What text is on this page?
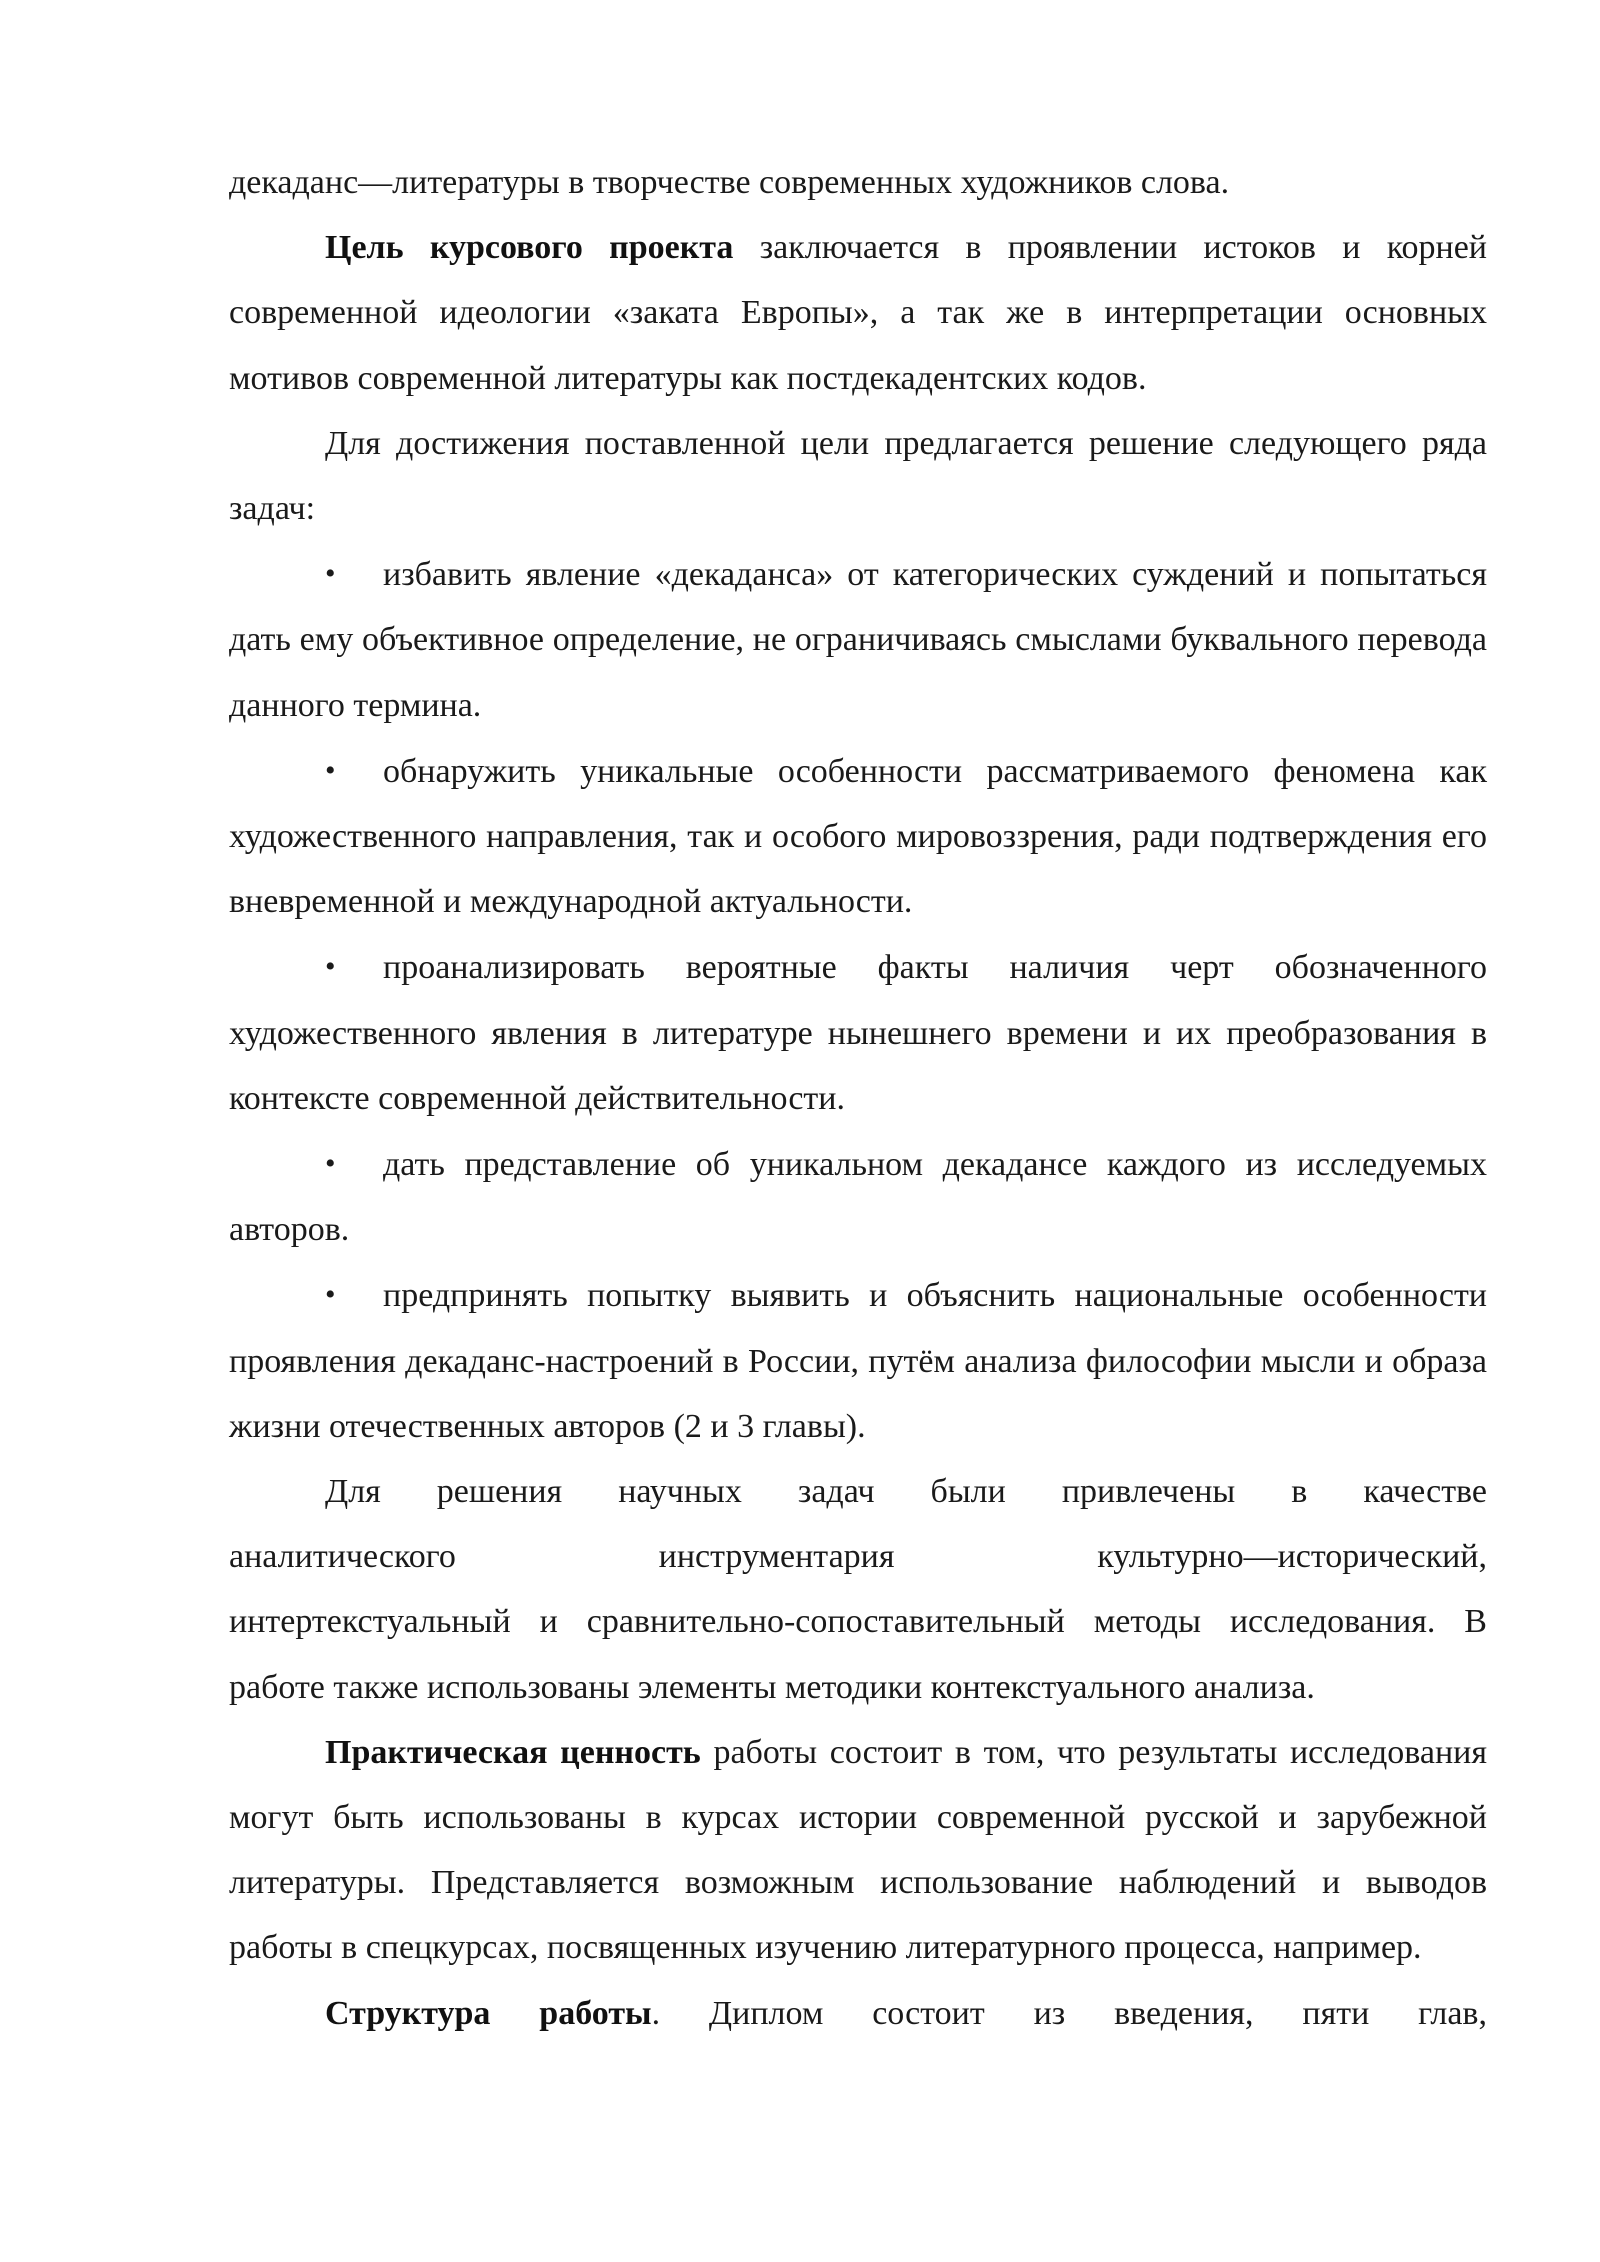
декаданс—литературы в творчестве современных художников слова.

Цель курсового проекта заключается в проявлении истоков и корней современной идеологии «заката Европы», а так же в интерпретации основных мотивов современной литературы как постдекадентских кодов.

Для достижения поставленной цели предлагается решение следующего ряда задач:

• избавить явление «декаданса» от категорических суждений и попытаться дать ему объективное определение, не ограничиваясь смыслами буквального перевода данного термина.

• обнаружить уникальные особенности рассматриваемого феномена как художественного направления, так и особого мировоззрения, ради подтверждения его вневременной и международной актуальности.

• проанализировать вероятные факты наличия черт обозначенного художественного явления в литературе нынешнего времени и их преобразования в контексте современной действительности.

• дать представление об уникальном декадансе каждого из исследуемых авторов.

• предпринять попытку выявить и объяснить национальные особенности проявления декаданс-настроений в России, путём анализа философии мысли и образа жизни отечественных авторов (2 и 3 главы).

Для решения научных задач были привлечены в качестве

аналитического инструментария культурно—исторический,

интертекстуальный и сравнительно-сопоставительный методы исследования. В работе также использованы элементы методики контекстуального анализа.

Практическая ценность работы состоит в том, что результаты исследования могут быть использованы в курсах истории современной русской и зарубежной литературы. Представляется возможным использование наблюдений и выводов работы в спецкурсах, посвященных изучению литературного процесса, например.

Структура работы. Диплом состоит из введения, пяти глав,
